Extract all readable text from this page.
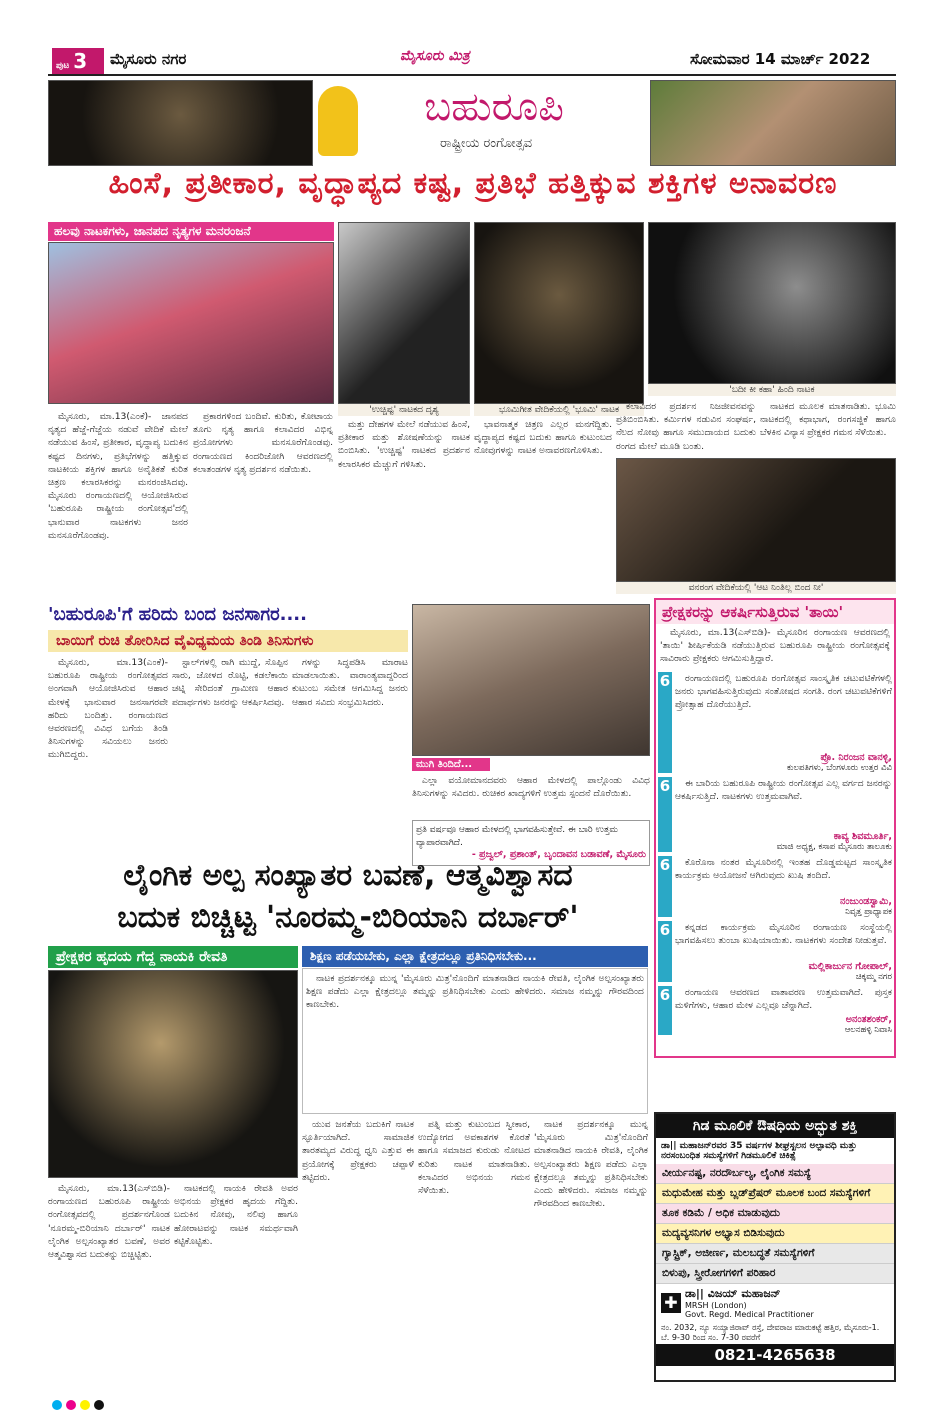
ಪುಟ 3	ಮೈಸೂರು ನಗರ	ಮೈಸೂರು ಮಿತ್ರ	ಸೋಮವಾರ 14 ಮಾರ್ಚ್ 2022
ಬಹುರೂಪಿ
ರಾಷ್ಟ್ರೀಯ ರಂಗೋತ್ಸವ
ಹಿಂಸೆ, ಪ್ರತೀಕಾರ, ವೃದ್ಧಾಪ್ಯದ ಕಷ್ಟ, ಪ್ರತಿಭೆ ಹತ್ತಿಕ್ಕುವ ಶಕ್ತಿಗಳ ಅನಾವರಣ
ಹಲವು ನಾಟಕಗಳು, ಜಾನಪದ ನೃತ್ಯಗಳ ಮನರಂಜನೆ
'ಉಚ್ಚಿಷ್ಟ' ನಾಟಕದ ದೃಶ್ಯ	ಭೂಮಿಗೀತ ವೇದಿಕೆಯಲ್ಲಿ 'ಭೂಮಿ' ನಾಟಕ
'ಬದೀ ಕೀ ಕಹಾ' ಹಿಂದಿ ನಾಟಕ

ಮೈಸೂರು, ಮಾ.13(ಎಂಕೆ)- ಜಾನಪದ ನೃತ್ಯದ ಹೆಜ್ಜೆ-ಗೆಜ್ಜೆಯ ನಡುವೆ ವೇದಿಕೆ ಮೇಲೆ ನಡೆಯುವ ಹಿಂಸೆ, ಪ್ರತೀಕಾರ, ವೃದ್ಧಾಪ್ಯ ಬದುಕಿನ ಕಷ್ಟದ ದಿನಗಳು, ಪ್ರತಿಭೆಗಳನ್ನು ಹತ್ತಿಕ್ಕುವ ನಾಟಕೀಯ ಶಕ್ತಿಗಳ ಹಾಗೂ ಅನೈತಿಕತೆ ಕುರಿತ ಚಿತ್ರಣ ಕಲಾರಸಿಕರನ್ನು ಮನರಂಜಿಸಿದವು. ಮೈಸೂರು ರಂಗಾಯಣದಲ್ಲಿ ಆಯೋಜಿಸಿರುವ 'ಬಹುರೂಪಿ ರಾಷ್ಟ್ರೀಯ ರಂಗೋತ್ಸವ'ದಲ್ಲಿ ಭಾನುವಾರ ನಾಟಕಗಳು ಜನರ ಮನಸೂರೆಗೊಂಡವು.

ಪ್ರಕಾರಗಳಿಂದ ಬಂದಿವೆ. ಕುರಿತು, ಕೋಟಾಯ ತೂಗು ನೃತ್ಯ ಹಾಗೂ ಕಲಾವಿದರ ವಿಭಿನ್ನ ಪ್ರಯೋಗಗಳು ಮನಸೂರೆಗೊಂಡವು. ರಂಗಾಯಣದ ಕಿಂದರಿಜೋಗಿ ಆವರಣದಲ್ಲಿ ಕಲಾತಂಡಗಳ ನೃತ್ಯ ಪ್ರದರ್ಶನ ನಡೆಯಿತು.

ಮತ್ತು ದೇಹಗಳ ಮೇಲೆ ನಡೆಯುವ ಹಿಂಸೆ, ಪ್ರತೀಕಾರ ಮತ್ತು ಶೋಷಣೆಯನ್ನು ನಾಟಕ ಬಿಂಬಿಸಿತು. 'ಉಚ್ಚಿಷ್ಟ' ನಾಟಕದ ಪ್ರದರ್ಶನ ಕಲಾರಸಿಕರ ಮೆಚ್ಚುಗೆ ಗಳಿಸಿತು.

ಭಾವನಾತ್ಮಕ ಚಿತ್ರಣ ಎಲ್ಲರ ಮನಗೆದ್ದಿತು. ವೃದ್ಧಾಪ್ಯದ ಕಷ್ಟದ ಬದುಕು ಹಾಗೂ ಕುಟುಂಬದ ನೋವುಗಳನ್ನು ನಾಟಕ ಅನಾವರಣಗೊಳಿಸಿತು.

ಕಲಾವಿದರ ಪ್ರದರ್ಶನ ನಿಜಜೀವನವನ್ನು ಪ್ರತಿಬಿಂಬಿಸಿತು. ಕರ್ಮಿಗಳ ನಡುವಿನ ಸಂಘರ್ಷ, ನೆಲದ ನೋವು ಹಾಗೂ ಸಮುದಾಯದ ಬದುಕು ರಂಗದ ಮೇಲೆ ಮೂಡಿ ಬಂತು.

ನಾಟಕದ ಮೂಲಕ ಮಾತನಾಡಿತು. ಭೂಮಿ ನಾಟಕದಲ್ಲಿ ಕಥಾಭಾಗ, ರಂಗಸಜ್ಜಿಕೆ ಹಾಗೂ ಬೆಳಕಿನ ವಿನ್ಯಾಸ ಪ್ರೇಕ್ಷಕರ ಗಮನ ಸೆಳೆಯಿತು.

ವನರಂಗ ವೇದಿಕೆಯಲ್ಲಿ 'ಆಟ ನಿಂತಿಲ್ಲ ಬಿಂದ ನೀ'
'ಬಹುರೂಪಿ'ಗೆ ಹರಿದು ಬಂದ ಜನಸಾಗರ....
ಬಾಯಿಗೆ ರುಚಿ ತೋರಿಸಿದ ವೈವಿಧ್ಯಮಯ ತಿಂಡಿ ತಿನಿಸುಗಳು

ಮೈಸೂರು, ಮಾ.13(ಎಂಕೆ)- ಬಹುರೂಪಿ ರಾಷ್ಟ್ರೀಯ ರಂಗೋತ್ಸವದ ಅಂಗವಾಗಿ ಆಯೋಜಿಸಿರುವ ಆಹಾರ ಮೇಳಕ್ಕೆ ಭಾನುವಾರ ಜನಸಾಗರವೇ ಹರಿದು ಬಂದಿತ್ತು. ರಂಗಾಯಣದ ಆವರಣದಲ್ಲಿ ವಿವಿಧ ಬಗೆಯ ತಿಂಡಿ ತಿನಿಸುಗಳನ್ನು ಸವಿಯಲು ಜನರು ಮುಗಿಬಿದ್ದರು.

ಸ್ಟಾಲ್‌ಗಳಲ್ಲಿ ರಾಗಿ ಮುದ್ದೆ, ಸೊಪ್ಪಿನ ಸಾರು, ಜೋಳದ ರೊಟ್ಟಿ, ಕಡಲೆಕಾಯಿ ಚಟ್ನಿ ಸೇರಿದಂತೆ ಗ್ರಾಮೀಣ ಆಹಾರ ಪದಾರ್ಥಗಳು ಜನರನ್ನು ಆಕರ್ಷಿಸಿದವು.

ಗಳನ್ನು ಸಿದ್ಧಪಡಿಸಿ ಮಾರಾಟ ಮಾಡಲಾಯಿತು. ವಾರಾಂತ್ಯವಾದ್ದರಿಂದ ಕುಟುಂಬ ಸಮೇತ ಆಗಮಿಸಿದ್ದ ಜನರು ಆಹಾರ ಸವಿದು ಸಂಭ್ರಮಿಸಿದರು.

ಮುಗಿ ತಿಂದಿದೆ...

ಎಲ್ಲಾ ವಯೋಮಾನದವರು ಆಹಾರ ಮೇಳದಲ್ಲಿ ಪಾಲ್ಗೊಂಡು ವಿವಿಧ ತಿನಿಸುಗಳನ್ನು ಸವಿದರು. ರುಚಿಕರ ಖಾದ್ಯಗಳಿಗೆ ಉತ್ತಮ ಸ್ಪಂದನೆ ದೊರೆಯಿತು.

ಪ್ರತಿ ವರ್ಷವೂ ಆಹಾರ ಮೇಳದಲ್ಲಿ ಭಾಗವಹಿಸುತ್ತೇವೆ. ಈ ಬಾರಿ ಉತ್ತಮ ವ್ಯಾಪಾರವಾಗಿದೆ.
- ಪ್ರಜ್ವಲ್, ಪ್ರಶಾಂತ್, ಬೃಂದಾವನ ಬಡಾವಣೆ, ಮೈಸೂರು
ಪ್ರೇಕ್ಷಕರನ್ನು ಆಕರ್ಷಿಸುತ್ತಿರುವ 'ತಾಯಿ'

ಮೈಸೂರು, ಮಾ.13(ಎಸ್‌ಬಿಡಿ)- ಮೈಸೂರಿನ ರಂಗಾಯಣ ಆವರಣದಲ್ಲಿ 'ತಾಯಿ' ಶೀರ್ಷಿಕೆಯಡಿ ನಡೆಯುತ್ತಿರುವ ಬಹುರೂಪಿ ರಾಷ್ಟ್ರೀಯ ರಂಗೋತ್ಸವಕ್ಕೆ ಸಾವಿರಾರು ಪ್ರೇಕ್ಷಕರು ಆಗಮಿಸುತ್ತಿದ್ದಾರೆ.

6	ರಂಗಾಯಣದಲ್ಲಿ ಬಹುರೂಪಿ ರಂಗೋತ್ಸವ ಸಾಂಸ್ಕೃತಿಕ ಚಟುವಟಿಕೆಗಳಲ್ಲಿ ಜನರು ಭಾಗವಹಿಸುತ್ತಿರುವುದು ಸಂತೋಷದ ಸಂಗತಿ. ರಂಗ ಚಟುವಟಿಕೆಗಳಿಗೆ ಪ್ರೋತ್ಸಾಹ ದೊರೆಯುತ್ತಿದೆ.

ಪ್ರೊ. ನಿರಂಜನ ವಾನಳ್ಳಿ,
ಕುಲಪತಿಗಳು, ಬೆಂಗಳೂರು ಉತ್ತರ ವಿವಿ
6	ಈ ಬಾರಿಯ ಬಹುರೂಪಿ ರಾಷ್ಟ್ರೀಯ ರಂಗೋತ್ಸವ ಎಲ್ಲ ವರ್ಗದ ಜನರನ್ನು ಆಕರ್ಷಿಸುತ್ತಿದೆ. ನಾಟಕಗಳು ಉತ್ತಮವಾಗಿವೆ.

ಕಾವ್ಯ ಶಿವಮೂರ್ತಿ,
ಮಾಜಿ ಅಧ್ಯಕ್ಷ, ಕಸಾಪ ಮೈಸೂರು ತಾಲೂಕು
6	ಕೊರೊನಾ ನಂತರ ಮೈಸೂರಿನಲ್ಲಿ ಇಂತಹ ದೊಡ್ಡಮಟ್ಟದ ಸಾಂಸ್ಕೃತಿಕ ಕಾರ್ಯಕ್ರಮ ಆಯೋಜನೆ ಆಗಿರುವುದು ಖುಷಿ ತಂದಿದೆ.

ನಂಜುಂಡಸ್ವಾಮಿ,
ನಿವೃತ್ತ ಪ್ರಾಧ್ಯಾಪಕ
6	ಕನ್ನಡದ ಕಾರ್ಯಕ್ರಮ ಮೈಸೂರಿನ ರಂಗಾಯಣ ಸಂಸ್ಥೆಯಲ್ಲಿ ಭಾಗವಹಿಸಲು ತುಂಬಾ ಖುಷಿಯಾಯಿತು. ನಾಟಕಗಳು ಸಂದೇಶ ನೀಡುತ್ತವೆ.

ಮಲ್ಲಿಕಾರ್ಜುನ ಗೋಪಾಲ್,
ಚಿಕ್ಕಮ್ಮ ನಗರ
6	ರಂಗಾಯಣ ಆವರಣದ ವಾತಾವರಣ ಉತ್ತಮವಾಗಿದೆ. ಪುಸ್ತಕ ಮಳಿಗೆಗಳು, ಆಹಾರ ಮೇಳ ಎಲ್ಲವೂ ಚೆನ್ನಾಗಿದೆ.

ಅನಂತಶಂಕರ್,
ಆಲನಹಳ್ಳಿ ನಿವಾಸಿ
ಲೈಂಗಿಕ ಅಲ್ಪ ಸಂಖ್ಯಾತರ ಬವಣೆ, ಆತ್ಮವಿಶ್ವಾಸದ
ಬದುಕ ಬಿಚ್ಚಿಟ್ಟ 'ನೂರಮ್ಮ-ಬಿರಿಯಾನಿ ದರ್ಬಾರ್'
ಪ್ರೇಕ್ಷಕರ ಹೃದಯ ಗೆದ್ದ ನಾಯಕಿ ರೇವತಿ	ಶಿಕ್ಷಣ ಪಡೆಯಬೇಕು, ಎಲ್ಲಾ ಕ್ಷೇತ್ರದಲ್ಲೂ ಪ್ರತಿನಿಧಿಸಬೇಕು...

ನಾಟಕ ಪ್ರದರ್ಶನಕ್ಕೂ ಮುನ್ನ 'ಮೈಸೂರು ಮಿತ್ರ'ನೊಂದಿಗೆ ಮಾತನಾಡಿದ ನಾಯಕಿ ರೇವತಿ, ಲೈಂಗಿಕ ಅಲ್ಪಸಂಖ್ಯಾತರು ಶಿಕ್ಷಣ ಪಡೆದು ಎಲ್ಲಾ ಕ್ಷೇತ್ರದಲ್ಲೂ ತಮ್ಮನ್ನು ಪ್ರತಿನಿಧಿಸಬೇಕು ಎಂದು ಹೇಳಿದರು. ಸಮಾಜ ನಮ್ಮನ್ನು ಗೌರವದಿಂದ ಕಾಣಬೇಕು.

ಯುವ ಜನತೆಯ ಬದುಕಿಗೆ ನಾಟಕ ಸ್ಫೂರ್ತಿಯಾಗಿದೆ. ಸಾಮಾಜಿಕ ತಾರತಮ್ಯದ ವಿರುದ್ಧ ಧ್ವನಿ ಎತ್ತುವ ಈ ಪ್ರಯೋಗಕ್ಕೆ ಪ್ರೇಕ್ಷಕರು ಚಪ್ಪಾಳೆ ತಟ್ಟಿದರು.

ಪತ್ನಿ ಮತ್ತು ಕುಟುಂಬದ ಸ್ವೀಕಾರ, ಉದ್ಯೋಗದ ಅವಕಾಶಗಳ ಕೊರತೆ ಹಾಗೂ ಸಮಾಜದ ಕುರುಡು ನೋಟದ ಕುರಿತು ನಾಟಕ ಮಾತನಾಡಿತು. ಕಲಾವಿದರ ಅಭಿನಯ ಗಮನ ಸೆಳೆಯಿತು.

ನಾಟಕ ಪ್ರದರ್ಶನಕ್ಕೂ ಮುನ್ನ 'ಮೈಸೂರು ಮಿತ್ರ'ನೊಂದಿಗೆ ಮಾತನಾಡಿದ ನಾಯಕಿ ರೇವತಿ, ಲೈಂಗಿಕ ಅಲ್ಪಸಂಖ್ಯಾತರು ಶಿಕ್ಷಣ ಪಡೆದು ಎಲ್ಲಾ ಕ್ಷೇತ್ರದಲ್ಲೂ ತಮ್ಮನ್ನು ಪ್ರತಿನಿಧಿಸಬೇಕು ಎಂದು ಹೇಳಿದರು. ಸಮಾಜ ನಮ್ಮನ್ನು ಗೌರವದಿಂದ ಕಾಣಬೇಕು.

ಮೈಸೂರು, ಮಾ.13(ಎಸ್‌ಬಿಡಿ)- ರಂಗಾಯಣದ ಬಹುರೂಪಿ ರಾಷ್ಟ್ರೀಯ ರಂಗೋತ್ಸವದಲ್ಲಿ ಪ್ರದರ್ಶನಗೊಂಡ 'ನೂರಮ್ಮ-ಬಿರಿಯಾನಿ ದರ್ಬಾರ್' ನಾಟಕ ಲೈಂಗಿಕ ಅಲ್ಪಸಂಖ್ಯಾತರ ಬವಣೆ, ಅವರ ಆತ್ಮವಿಶ್ವಾಸದ ಬದುಕನ್ನು ಬಿಚ್ಚಿಟ್ಟಿತು.

ನಾಟಕದಲ್ಲಿ ನಾಯಕಿ ರೇವತಿ ಅವರ ಅಭಿನಯ ಪ್ರೇಕ್ಷಕರ ಹೃದಯ ಗೆದ್ದಿತು. ಬದುಕಿನ ನೋವು, ನಲಿವು ಹಾಗೂ ಹೋರಾಟವನ್ನು ನಾಟಕ ಸಮರ್ಥವಾಗಿ ಕಟ್ಟಿಕೊಟ್ಟಿತು.

ಗಿಡ ಮೂಲಿಕೆ ಔಷಧಿಯ ಅದ್ಭುತ ಶಕ್ತಿ
ಡಾ|| ಮಹಾಜನ್‌ರವರ 35 ವರ್ಷಗಳ ಶೀಘ್ರಸ್ಖಲನ ಅಲ್ಪಾವಧಿ ಮತ್ತು ನರಸಂಬಂಧಿತ ಸಮಸ್ಯೆಗಳಿಗೆ ಗಿಡಮೂಲಿಕೆ ಚಿಕಿತ್ಸೆ
ವೀರ್ಯನಷ್ಟ, ನರದೌರ್ಬಲ್ಯ, ಲೈಂಗಿಕ ಸಮಸ್ಯೆ
ಮಧುಮೇಹ ಮತ್ತು ಬ್ಲಡ್‌ಪ್ರೆಷರ್ ಮೂಲಕ ಬಂದ ಸಮಸ್ಯೆಗಳಿಗೆ
ತೂಕ ಕಡಿಮೆ / ಅಧಿಕ ಮಾಡುವುದು
ಮದ್ಯವ್ಯಸನಿಗಳ ಅಭ್ಯಾಸ ಬಿಡಿಸುವುದು
ಗ್ಯಾಸ್ಟ್ರಿಕ್, ಅಜೀರ್ಣ, ಮಲಬದ್ಧತೆ ಸಮಸ್ಯೆಗಳಿಗೆ
ಬಿಳುಪು, ಸ್ತ್ರೀರೋಗಗಳಿಗೆ ಪರಿಹಾರ
✚ ಡಾ|| ವಿಜಯ್ ಮಹಾಜನ್
MRSH (London)
Govt. Regd. Medical Practitioner
ನಂ. 2032, ನ್ಯೂ ಸಯ್ಯಾಜಿರಾವ್ ರಸ್ತೆ, ದೇವರಾಜ ಮಾರುಕಟ್ಟೆ ಹತ್ತಿರ, ಮೈಸೂರು-1. ಬೆ. 9-30 ರಿಂದ ಸಂ. 7-30 ರವರೆಗೆ
0821-4265638
